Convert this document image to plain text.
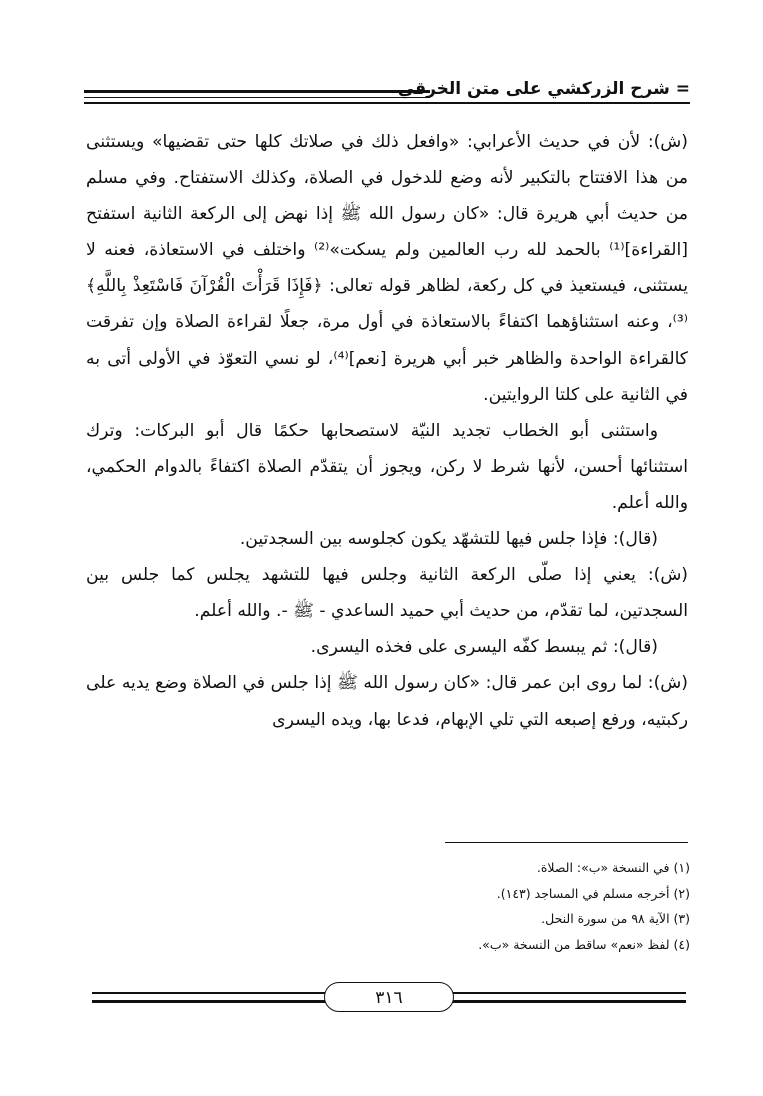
= شرح الزركشي على متن الخرقي

(ش): لأن في حديث الأعرابي: «وافعل ذلك في صلاتك كلها حتى تقضيها» ويستثنى من هذا الافتتاح بالتكبير لأنه وضع للدخول في الصلاة، وكذلك الاستفتاح. وفي مسلم من حديث أبي هريرة قال: «كان رسول الله ﷺ إذا نهض إلى الركعة الثانية استفتح [القراءة]⁽¹⁾ بالحمد لله رب العالمين ولم يسكت»⁽²⁾ واختلف في الاستعاذة، فعنه لا يستثنى، فيستعيذ في كل ركعة، لظاهر قوله تعالى: ﴿فَإِذَا قَرَأْتَ الْقُرْآنَ فَاسْتَعِذْ بِاللَّهِ﴾⁽³⁾، وعنه استثناؤهما اكتفاءً بالاستعاذة في أول مرة، جعلًا لقراءة الصلاة وإن تفرقت كالقراءة الواحدة والظاهر خبر أبي هريرة [نعم]⁽⁴⁾، لو نسي التعوّذ في الأولى أتى به في الثانية على كلتا الروايتين.

واستثنى أبو الخطاب تجديد النيّة لاستصحابها حكمًا قال أبو البركات: وترك استثنائها أحسن، لأنها شرط لا ركن، ويجوز أن يتقدّم الصلاة اكتفاءً بالدوام الحكمي، والله أعلم.

(قال): فإذا جلس فيها للتشهّد يكون كجلوسه بين السجدتين.

(ش): يعني إذا صلّى الركعة الثانية وجلس فيها للتشهد يجلس كما جلس بين السجدتين، لما تقدّم، من حديث أبي حميد الساعدي - ﷺ -. والله أعلم.

(قال): ثم يبسط كفّه اليسرى على فخذه اليسرى.

(ش): لما روى ابن عمر قال: «كان رسول الله ﷺ إذا جلس في الصلاة وضع يديه على ركبتيه، ورفع إصبعه التي تلي الإبهام، فدعا بها، ويده اليسرى

(١) في النسخة «ب»: الصلاة.
(٢) أخرجه مسلم في المساجد (١٤٣).
(٣) الآية ٩٨ من سورة النحل.
(٤) لفظ «نعم» ساقط من النسخة «ب».
٣١٦
